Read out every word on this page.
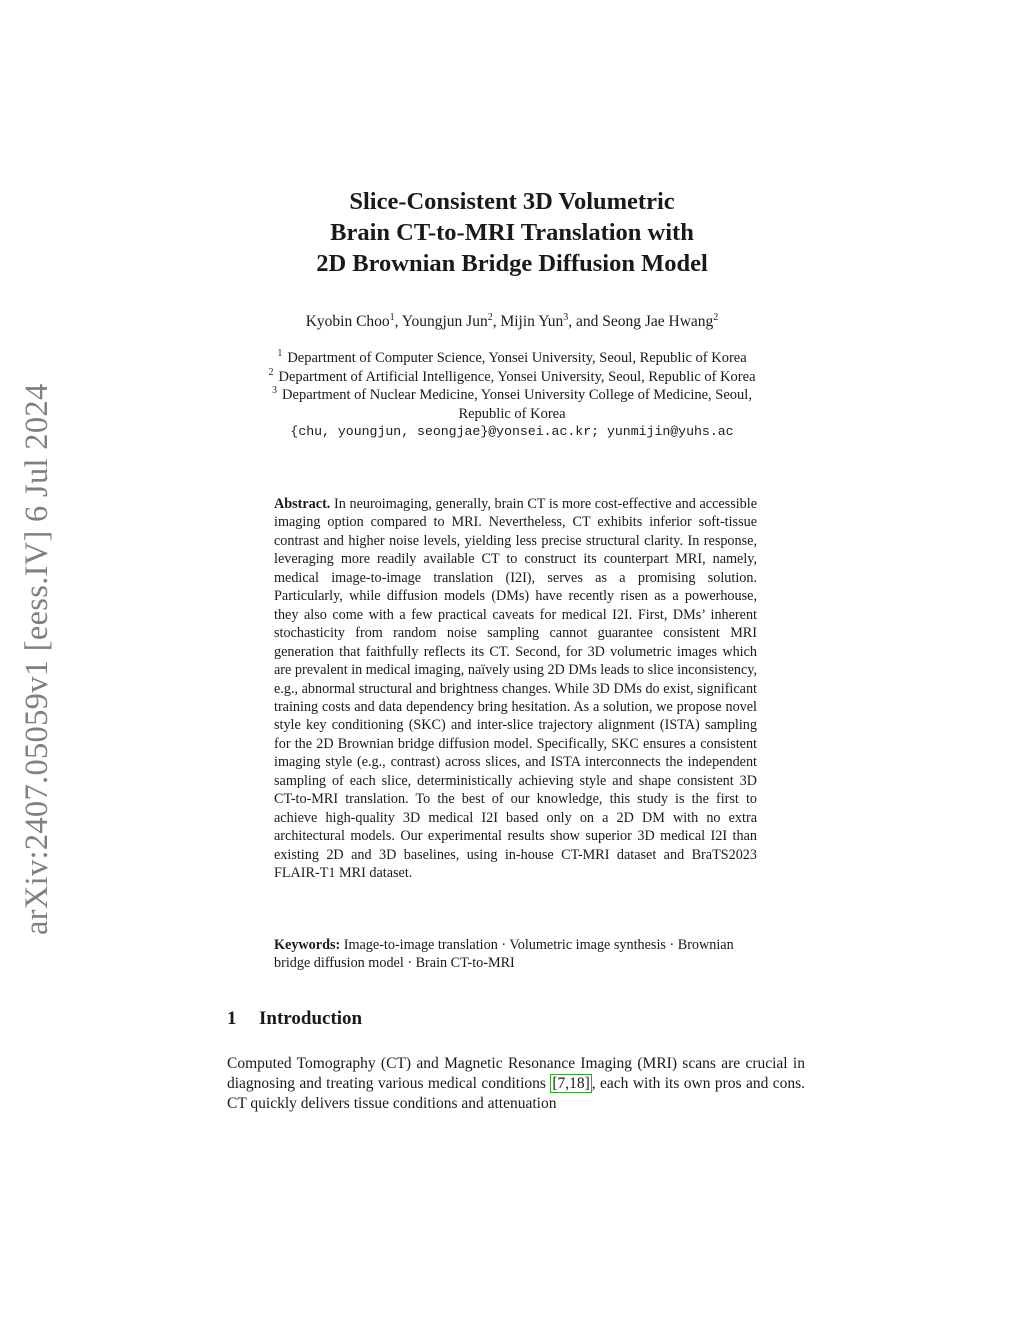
arXiv:2407.05059v1 [eess.IV] 6 Jul 2024
Slice-Consistent 3D Volumetric
Brain CT-to-MRI Translation with
2D Brownian Bridge Diffusion Model
Kyobin Choo$^1$, Youngjun Jun$^2$, Mijin Yun$^3$, and Seong Jae Hwang$^2$
$^1$ Department of Computer Science, Yonsei University, Seoul, Republic of Korea
$^2$ Department of Artificial Intelligence, Yonsei University, Seoul, Republic of Korea
$^3$ Department of Nuclear Medicine, Yonsei University College of Medicine, Seoul,
Republic of Korea
{chu, youngjun, seongjae}@yonsei.ac.kr; yunmijin@yuhs.ac
Abstract. In neuroimaging, generally, brain CT is more cost-effective and accessible imaging option compared to MRI. Nevertheless, CT exhibits inferior soft-tissue contrast and higher noise levels, yielding less precise structural clarity. In response, leveraging more readily available CT to construct its counterpart MRI, namely, medical image-to-image translation (I2I), serves as a promising solution. Particularly, while diffusion models (DMs) have recently risen as a powerhouse, they also come with a few practical caveats for medical I2I. First, DMs’ inherent stochasticity from random noise sampling cannot guarantee consistent MRI generation that faithfully reflects its CT. Second, for 3D volumetric images which are prevalent in medical imaging, naïvely using 2D DMs leads to slice inconsistency, e.g., abnormal structural and brightness changes. While 3D DMs do exist, significant training costs and data dependency bring hesitation. As a solution, we propose novel style key conditioning (SKC) and inter-slice trajectory alignment (ISTA) sampling for the 2D Brownian bridge diffusion model. Specifically, SKC ensures a consistent imaging style (e.g., contrast) across slices, and ISTA interconnects the independent sampling of each slice, deterministically achieving style and shape consistent 3D CT-to-MRI translation. To the best of our knowledge, this study is the first to achieve high-quality 3D medical I2I based only on a 2D DM with no extra architectural models. Our experimental results show superior 3D medical I2I than existing 2D and 3D baselines, using in-house CT-MRI dataset and BraTS2023 FLAIR-T1 MRI dataset.
Keywords: Image-to-image translation · Volumetric image synthesis · Brownian bridge diffusion model · Brain CT-to-MRI
1 Introduction
Computed Tomography (CT) and Magnetic Resonance Imaging (MRI) scans are crucial in diagnosing and treating various medical conditions [7,18] , each with its own pros and cons. CT quickly delivers tissue conditions and attenuation
